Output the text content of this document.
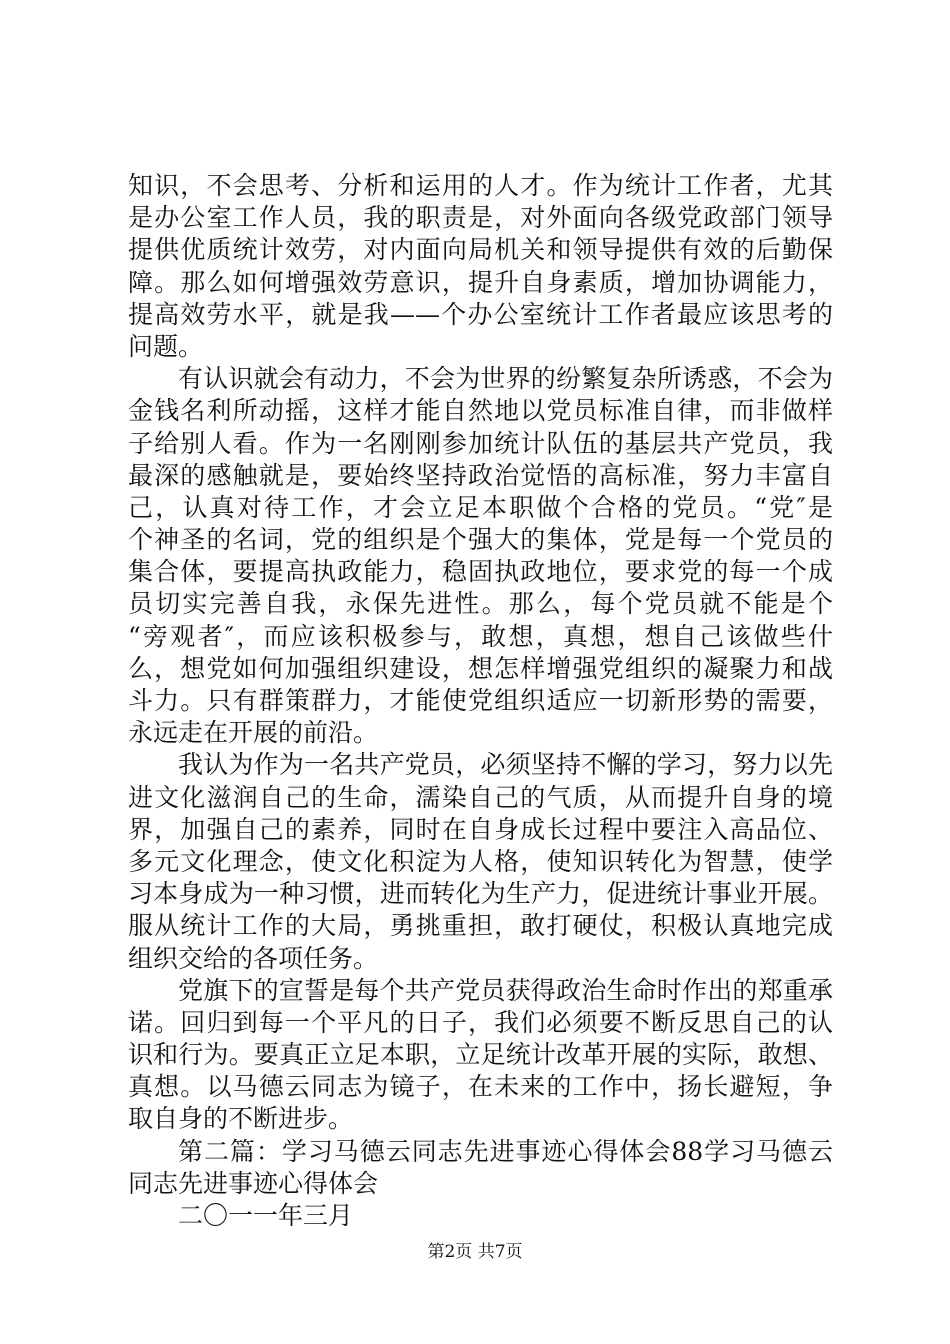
知识，不会思考、分析和运用的人才。作为统计工作者，尤其
是办公室工作人员，我的职责是，对外面向各级党政部门领导
提供优质统计效劳，对内面向局机关和领导提供有效的后勤保
障。那么如何增强效劳意识，提升自身素质，增加协调能力，
提高效劳水平，就是我——个办公室统计工作者最应该思考的
问题。
有认识就会有动力，不会为世界的纷繁复杂所诱惑，不会为
金钱名利所动摇，这样才能自然地以党员标准自律，而非做样
子给别人看。作为一名刚刚参加统计队伍的基层共产党员，我
最深的感触就是，要始终坚持政治觉悟的高标准，努力丰富自
己，认真对待工作，才会立足本职做个合格的党员。“党″是
个神圣的名词，党的组织是个强大的集体，党是每一个党员的
集合体，要提高执政能力，稳固执政地位，要求党的每一个成
员切实完善自我，永保先进性。那么，每个党员就不能是个
“旁观者″，而应该积极参与，敢想，真想，想自己该做些什
么，想党如何加强组织建设，想怎样增强党组织的凝聚力和战
斗力。只有群策群力，才能使党组织适应一切新形势的需要，
永远走在开展的前沿。
我认为作为一名共产党员，必须坚持不懈的学习，努力以先
进文化滋润自己的生命，濡染自己的气质，从而提升自身的境
界，加强自己的素养，同时在自身成长过程中要注入高品位、
多元文化理念，使文化积淀为人格，使知识转化为智慧，使学
习本身成为一种习惯，进而转化为生产力，促进统计事业开展。
服从统计工作的大局，勇挑重担，敢打硬仗，积极认真地完成
组织交给的各项任务。
党旗下的宣誓是每个共产党员获得政治生命时作出的郑重承
诺。回归到每一个平凡的日子，我们必须要不断反思自己的认
识和行为。要真正立足本职，立足统计改革开展的实际，敢想、
真想。以马德云同志为镜子，在未来的工作中，扬长避短，争
取自身的不断进步。
第二篇：学习马德云同志先进事迹心得体会88学习马德云
同志先进事迹心得体会
二〇一一年三月
第2页 共7页
